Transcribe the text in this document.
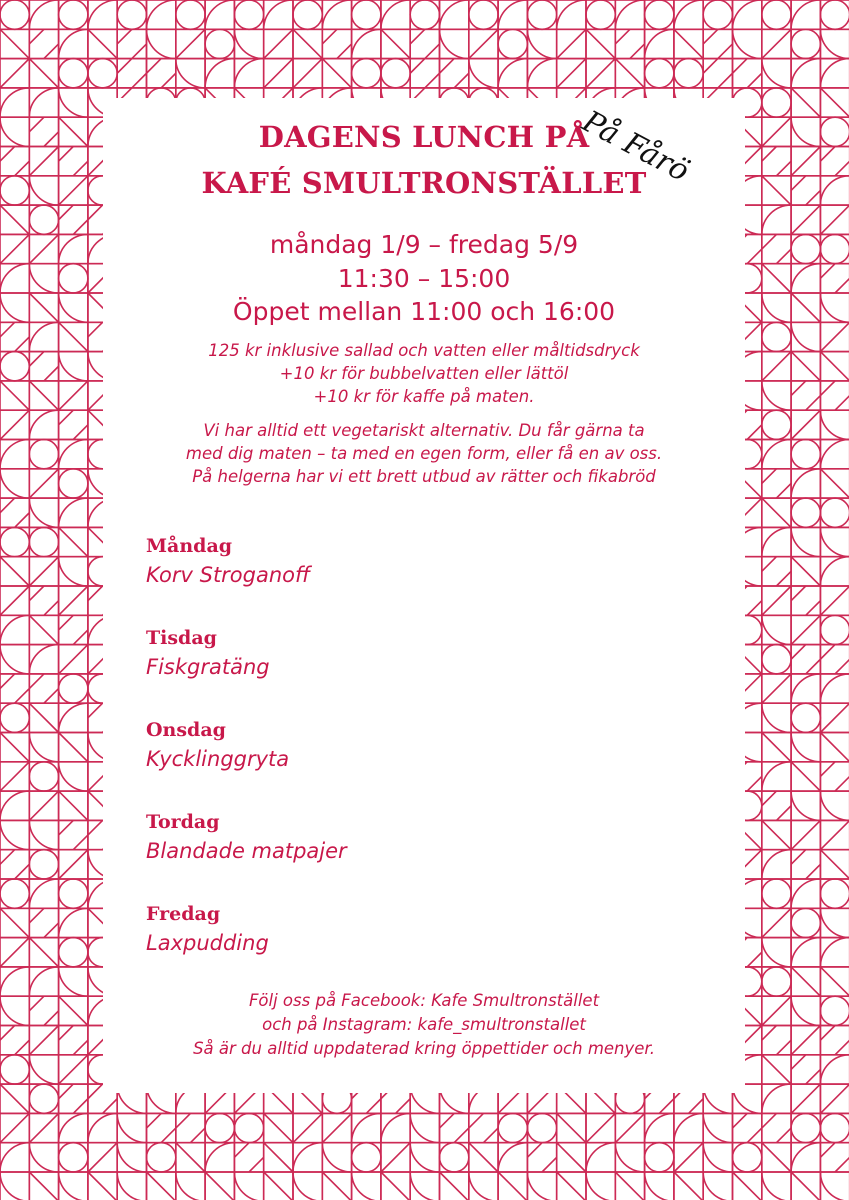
DAGENS LUNCH PÅ
KAFÉ SMULTRONSTÄLLET
På Fårö
måndag 1/9 – fredag 5/9
11:30 – 15:00
Öppet mellan 11:00 och 16:00
125 kr inklusive sallad och vatten eller måltidsdryck
+10 kr för bubbelvatten eller lättöl
+10 kr för kaffe på maten.
Vi har alltid ett vegetariskt alternativ. Du får gärna ta
med dig maten – ta med en egen form, eller få en av oss.
På helgerna har vi ett brett utbud av rätter och fikabröd
Måndag
Korv Stroganoff
Tisdag
Fiskgratäng
Onsdag
Kycklinggryta
Tordag
Blandade matpajer
Fredag
Laxpudding
Följ oss på Facebook: Kafe Smultronstället
och på Instagram: kafe_smultronstallet
Så är du alltid uppdaterad kring öppettider och menyer.
